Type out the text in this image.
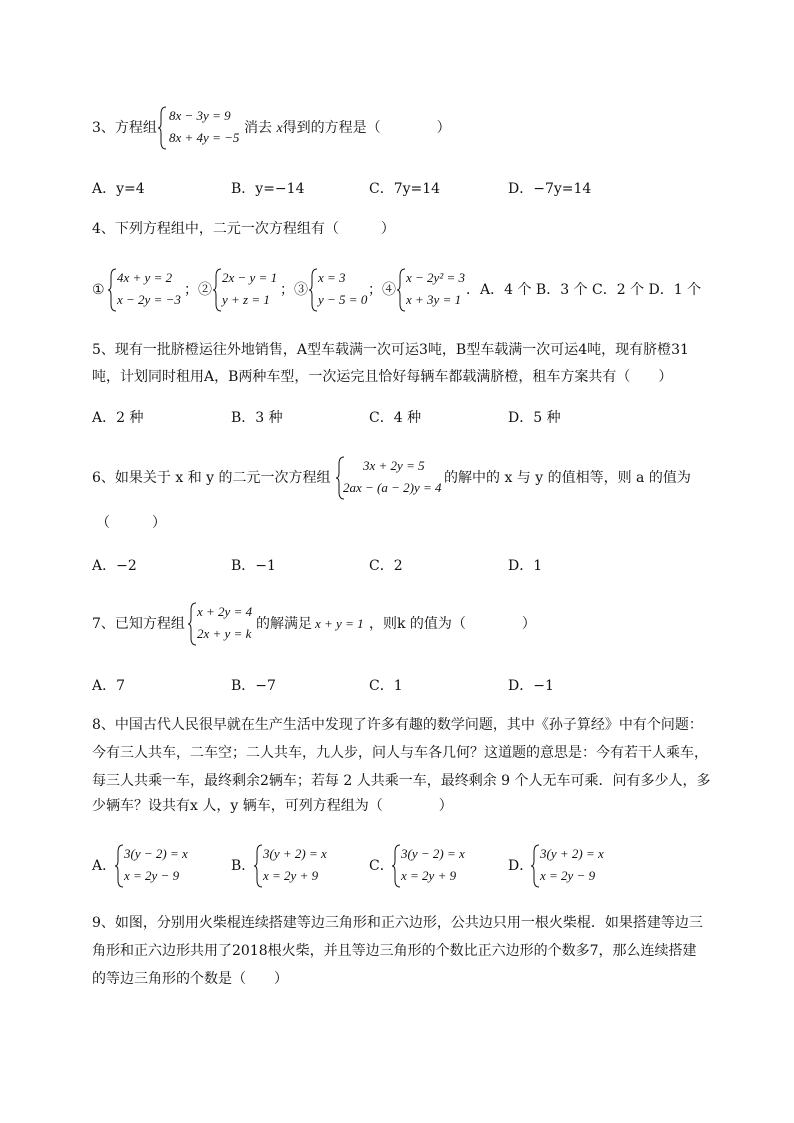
3、方程组
8x − 3y = 9
8x + 4y = −5
消去 x得到的方程是（　　　　）
A．y=4	B．y=−14	C．7y=14	D．−7y=14
4、下列方程组中，二元一次方程组有（　　　）
①
4x + y = 2
x − 2y = −3
；②
2x − y = 1
y + z = 1
；③
x = 3
y − 5 = 0
；④
x − 2y² = 3
x + 3y = 1
．A．4 个 B．3 个 C．2 个 D．1 个
5、现有一批脐橙运往外地销售，A型车载满一次可运3吨，B型车载满一次可运4吨，现有脐橙31
吨，计划同时租用A，B两种车型，一次运完且恰好每辆车都载满脐橙，租车方案共有（　　）
A．2 种	B．3 种	C．4 种	D．5 种
6、如果关于 x 和 y 的二元一次方程组
3x + 2y = 5
2ax − (a − 2)y = 4
的解中的 x 与 y 的值相等，则 a 的值为
（　　　）
A．−2	B．−1	C．2	D．1
7、已知方程组
x + 2y = 4
2x + y = k
的解满足 x + y = 1 ，则k 的值为（　　　　）
A．7	B．−7	C．1	D．−1
8、中国古代人民很早就在生产生活中发现了许多有趣的数学问题，其中《孙子算经》中有个问题：
今有三人共车，二车空；二人共车，九人步，问人与车各几何？这道题的意思是：今有若干人乘车，
每三人共乘一车，最终剩余2辆车；若每 2 人共乘一车，最终剩余 9 个人无车可乘．问有多少人，多
少辆车？设共有x 人，y 辆车，可列方程组为（　　　　）
A．
3(y − 2) = x
x = 2y − 9
B．
3(y + 2) = x
x = 2y + 9
C．
3(y − 2) = x
x = 2y + 9
D．
3(y + 2) = x
x = 2y − 9
9、如图，分别用火柴棍连续搭建等边三角形和正六边形，公共边只用一根火柴棍．如果搭建等边三
角形和正六边形共用了2018根火柴，并且等边三角形的个数比正六边形的个数多7，那么连续搭建
的等边三角形的个数是（　　）
